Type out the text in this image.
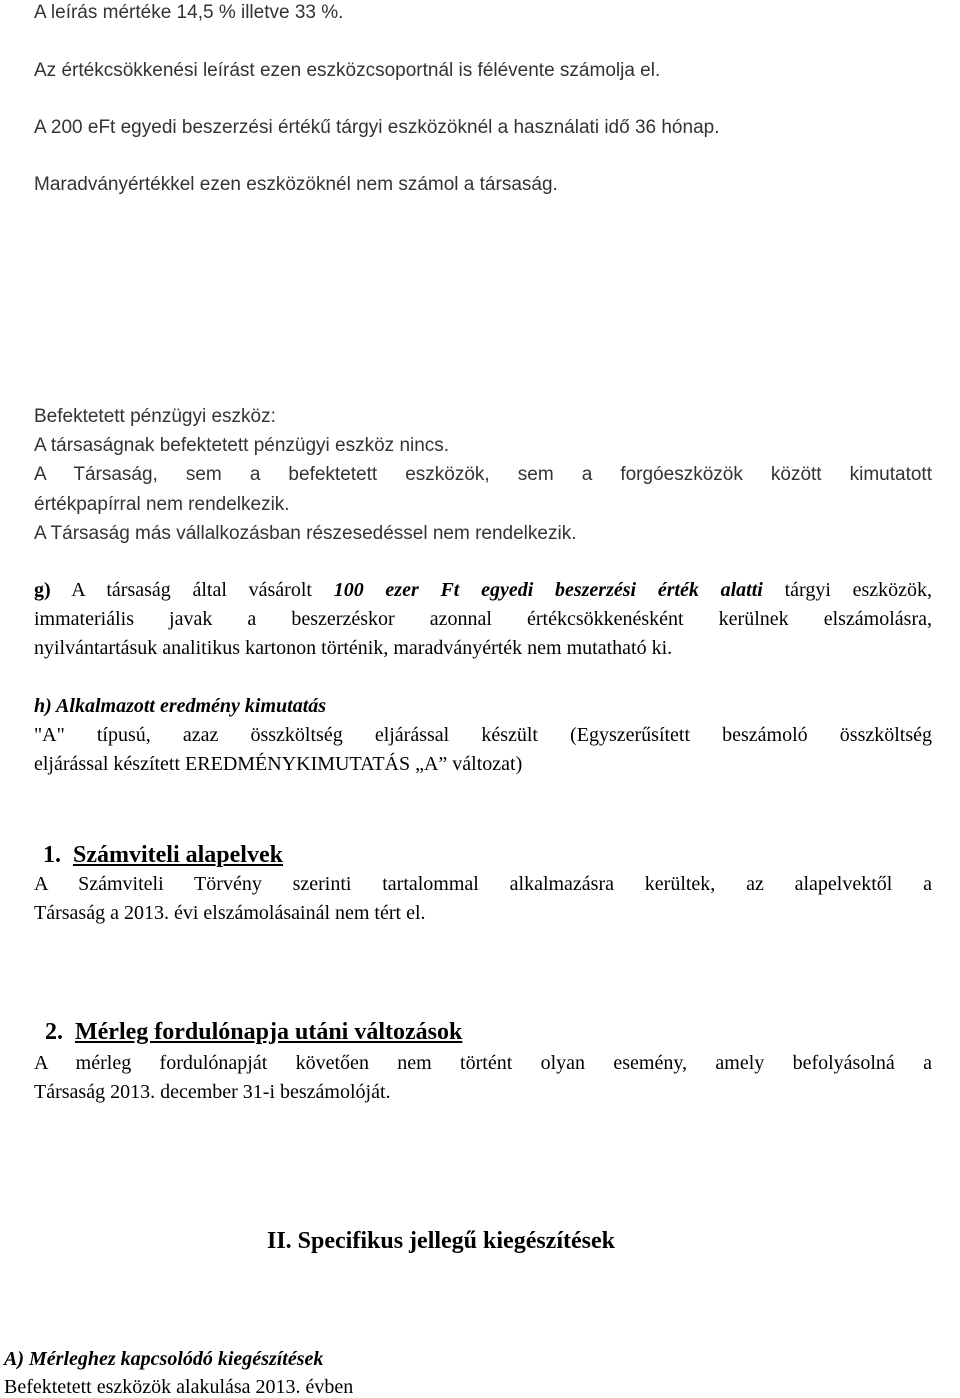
A leírás mértéke 14,5 % illetve 33 %.
Az értékcsökkenési leírást ezen eszközcsoportnál is félévente számolja el.
A 200 eFt egyedi beszerzési értékű tárgyi eszközöknél a használati idő 36 hónap.
Maradványértékkel ezen eszközöknél nem számol a társaság.
Befektetett pénzügyi eszköz:
A társaságnak befektetett pénzügyi eszköz nincs.
A Társaság, sem a befektetett eszközök, sem a forgóeszközök között kimutatott
értékpapírral nem rendelkezik.
A Társaság más vállalkozásban részesedéssel nem rendelkezik.
g) A társaság által vásárolt 100 ezer Ft egyedi beszerzési érték alatti tárgyi eszközök,
immateriális javak a beszerzéskor azonnal értékcsökkenésként kerülnek elszámolásra,
nyilvántartásuk analitikus kartonon történik, maradványérték nem mutatható ki.
h) Alkalmazott eredmény kimutatás
"A" típusú, azaz összköltség eljárással készült (Egyszerűsített beszámoló összköltség
eljárással készített EREDMÉNYKIMUTATÁS „A” változat)
1. Számviteli alapelvek
A Számviteli Törvény szerinti tartalommal alkalmazásra kerültek, az alapelvektől a
Társaság a 2013. évi elszámolásainál nem tért el.
2. Mérleg fordulónapja utáni változások
A mérleg fordulónapját követően nem történt olyan esemény, amely befolyásolná a
Társaság 2013. december 31-i beszámolóját.
II. Specifikus jellegű kiegészítések
A) Mérleghez kapcsolódó kiegészítések
Befektetett eszközök alakulása 2013. évben
